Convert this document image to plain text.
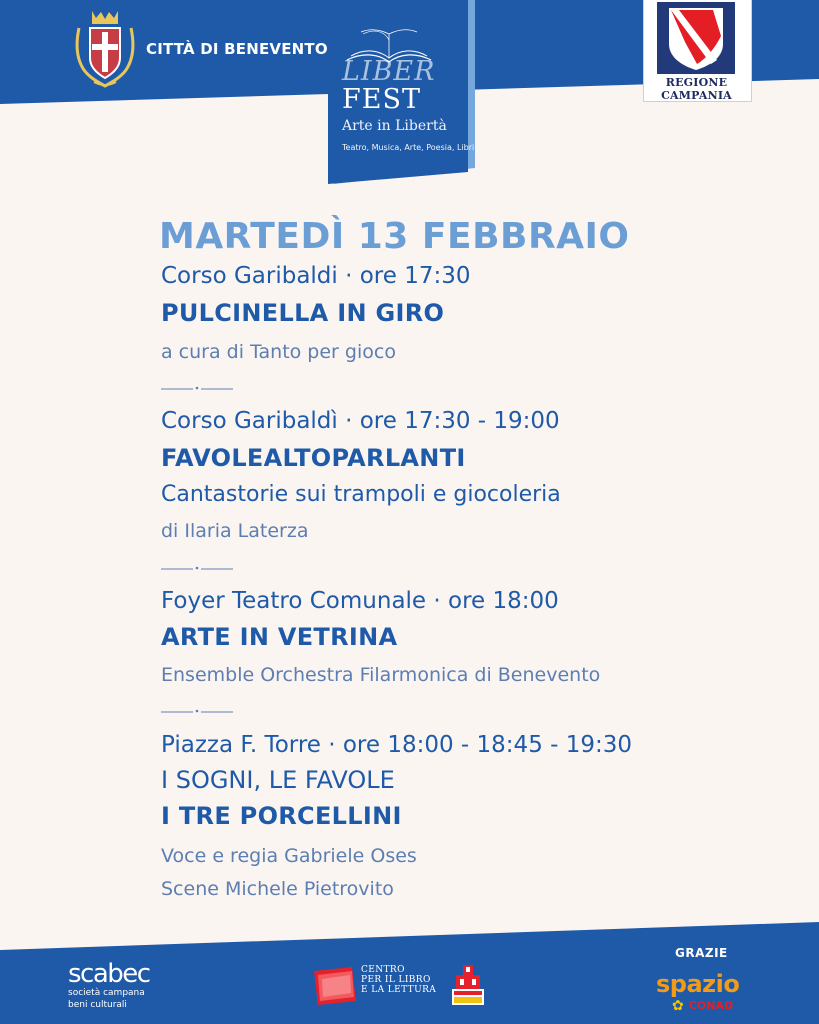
CITTÀ DI BENEVENTO
LIBER
FEST
Arte in Libertà
Teatro, Musica, Arte, Poesia, Libri
REGIONE CAMPANIA
MARTEDÌ 13 FEBBRAIO
Corso Garibaldi · ore 17:30
PULCINELLA IN GIRO
a cura di Tanto per gioco
Corso Garibaldì · ore 17:30 - 19:00
FAVOLEALTOPARLANTI
Cantastorie sui trampoli e giocoleria
di Ilaria Laterza
Foyer Teatro Comunale · ore 18:00
ARTE IN VETRINA
Ensemble Orchestra Filarmonica di Benevento
Piazza F. Torre · ore 18:00 - 18:45 - 19:30
I SOGNI, LE FAVOLE
I TRE PORCELLINI
Voce e regia Gabriele Oses
Scene Michele Pietrovito
scabec
società campana
beni culturali
CENTRO
PER IL LIBRO
E LA LETTURA
GRAZIE
spazio
✿ CONAD
